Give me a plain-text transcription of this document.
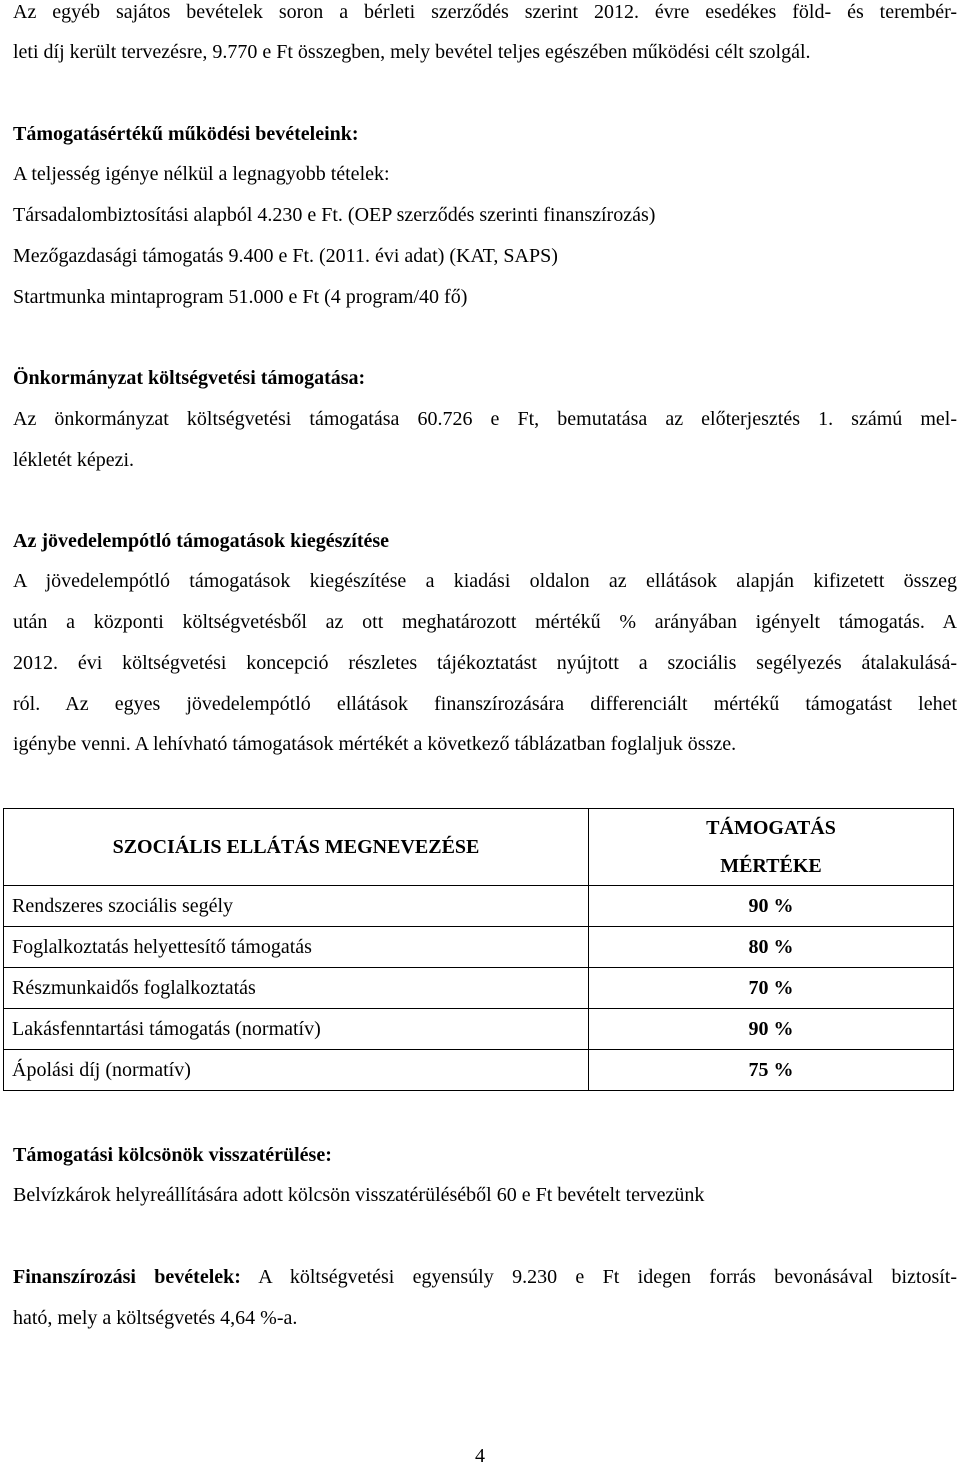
Az egyéb sajátos bevételek soron a bérleti szerződés szerint 2012. évre esedékes föld- és terembér-
leti díj került tervezésre, 9.770 e Ft összegben, mely bevétel teljes egészében működési célt szolgál.
Támogatásértékű működési bevételeink:
A teljesség igénye nélkül a legnagyobb tételek:
Társadalombiztosítási alapból 4.230 e Ft. (OEP szerződés szerinti finanszírozás)
Mezőgazdasági támogatás 9.400 e Ft. (2011. évi adat) (KAT, SAPS)
Startmunka mintaprogram 51.000 e Ft (4 program/40 fő)
Önkormányzat költségvetési támogatása:
Az önkormányzat költségvetési támogatása 60.726 e Ft, bemutatása az előterjesztés 1. számú mel-
lékletét képezi.
Az jövedelempótló támogatások kiegészítése
A jövedelempótló támogatások kiegészítése a kiadási oldalon az ellátások alapján kifizetett összeg
után a központi költségvetésből az ott meghatározott mértékű % arányában igényelt támogatás. A
2012. évi költségvetési koncepció részletes tájékoztatást nyújtott a szociális segélyezés átalakulásá-
ról. Az egyes jövedelempótló ellátások finanszírozására differenciált mértékű támogatást lehet
igénybe venni. A lehívható támogatások mértékét a következő táblázatban foglaljuk össze.
SZOCIÁLIS ELLÁTÁS MEGNEVEZÉSE	TÁMOGATÁS
MÉRTÉKE
Rendszeres szociális segély	90 %
Foglalkoztatás helyettesítő támogatás	80 %
Részmunkaidős foglalkoztatás	70 %
Lakásfenntartási támogatás (normatív)	90 %
Ápolási díj (normatív)	75 %
Támogatási kölcsönök visszatérülése:
Belvízkárok helyreállítására adott kölcsön visszatérüléséből 60 e Ft bevételt tervezünk
Finanszírozási bevételek: A költségvetési egyensúly 9.230 e Ft idegen forrás bevonásával biztosít-
ható, mely a költségvetés 4,64 %-a.
4
